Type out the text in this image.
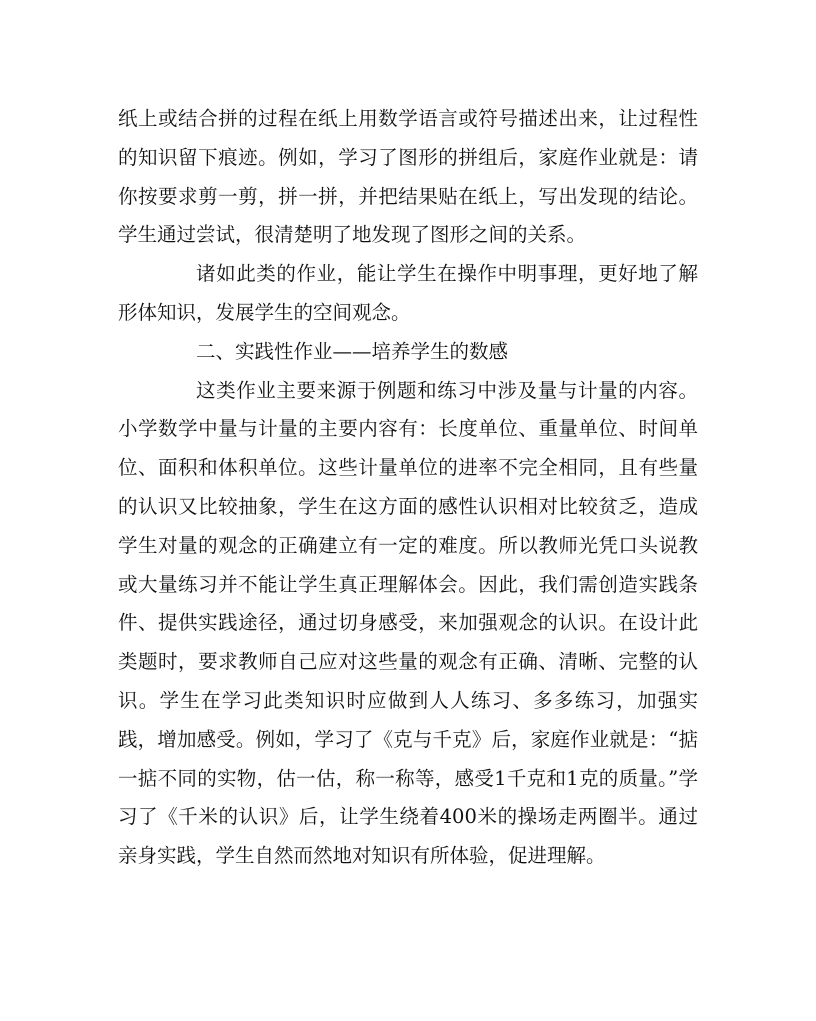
纸上或结合拼的过程在纸上用数学语言或符号描述出来，让过程性的知识留下痕迹。例如，学习了图形的拼组后，家庭作业就是：请你按要求剪一剪，拼一拼，并把结果贴在纸上，写出发现的结论。学生通过尝试，很清楚明了地发现了图形之间的关系。

诸如此类的作业，能让学生在操作中明事理，更好地了解形体知识，发展学生的空间观念。

二、实践性作业——培养学生的数感

这类作业主要来源于例题和练习中涉及量与计量的内容。小学数学中量与计量的主要内容有：长度单位、重量单位、时间单位、面积和体积单位。这些计量单位的进率不完全相同，且有些量的认识又比较抽象，学生在这方面的感性认识相对比较贫乏，造成学生对量的观念的正确建立有一定的难度。所以教师光凭口头说教或大量练习并不能让学生真正理解体会。因此，我们需创造实践条件、提供实践途径，通过切身感受，来加强观念的认识。在设计此类题时，要求教师自己应对这些量的观念有正确、清晰、完整的认识。学生在学习此类知识时应做到人人练习、多多练习，加强实践，增加感受。例如，学习了《克与千克》后，家庭作业就是：“掂一掂不同的实物，估一估，称一称等，感受1千克和1克的质量。”学习了《千米的认识》后，让学生绕着400米的操场走两圈半。通过亲身实践，学生自然而然地对知识有所体验，促进理解。
